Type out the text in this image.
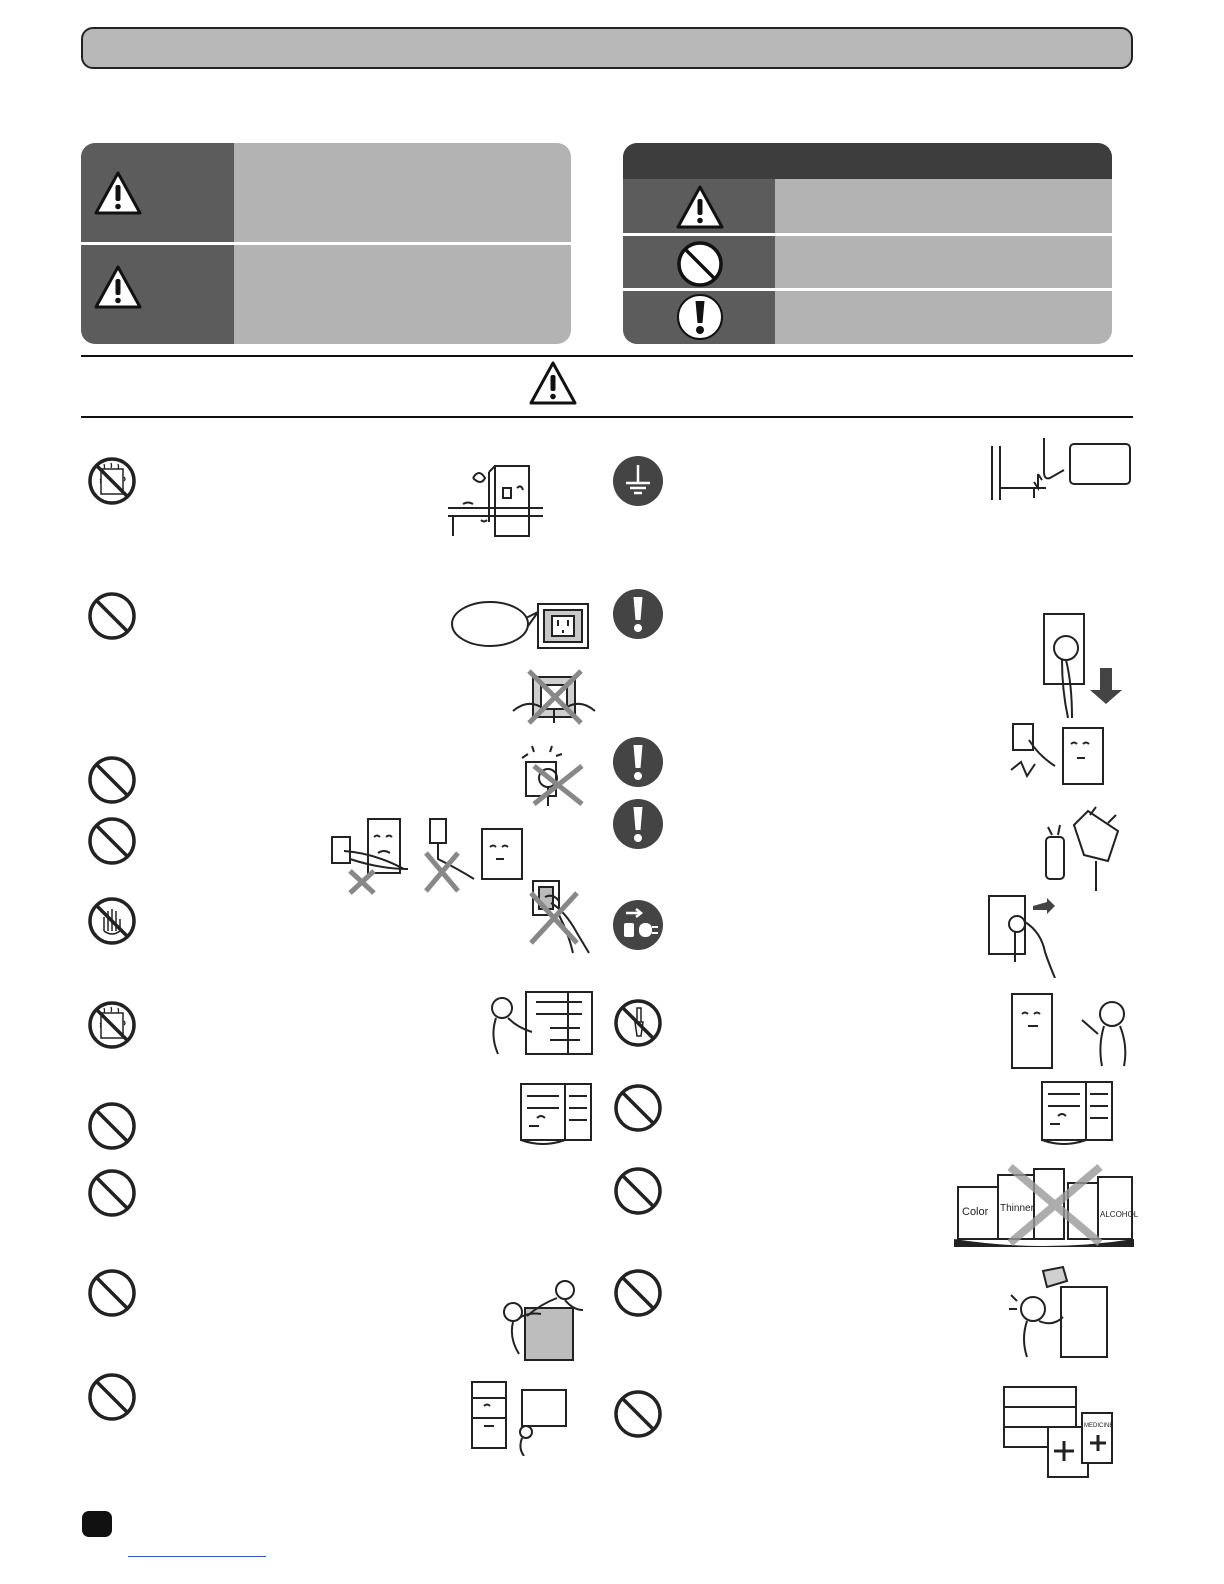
Color Thinner
ALCOHOL
MEDICINE
